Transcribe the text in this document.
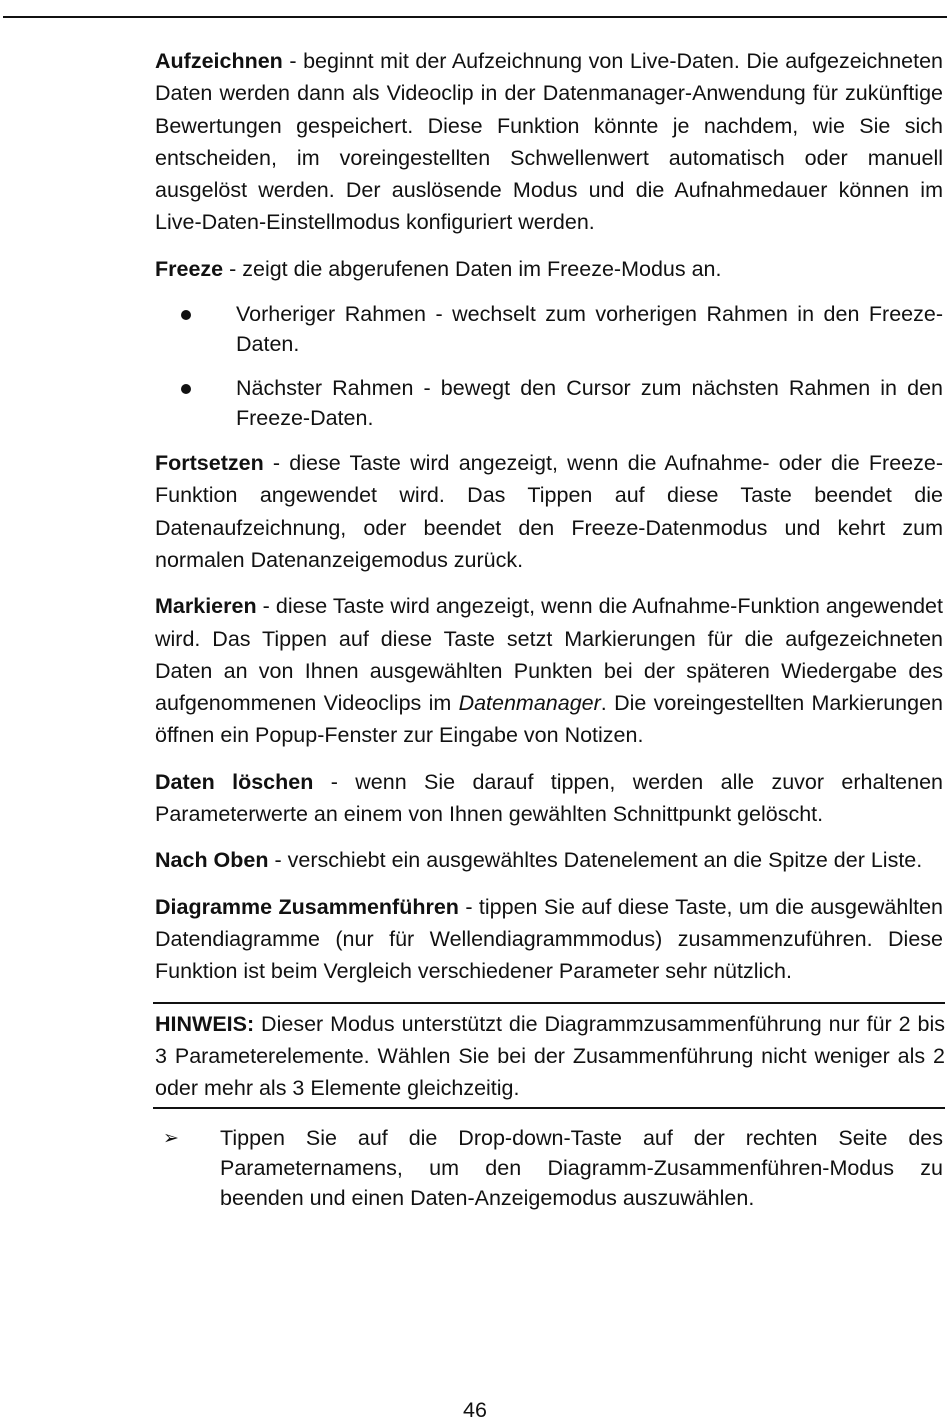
Aufzeichnen - beginnt mit der Aufzeichnung von Live-Daten. Die aufgezeichneten Daten werden dann als Videoclip in der Datenmanager-Anwendung für zukünftige Bewertungen gespeichert. Diese Funktion könnte je nachdem, wie Sie sich entscheiden, im voreingestellten Schwellenwert automatisch oder manuell ausgelöst werden. Der auslösende Modus und die Aufnahmedauer können im Live-Daten-Einstellmodus konfiguriert werden.

Freeze - zeigt die abgerufenen Daten im Freeze-Modus an.

Vorheriger Rahmen - wechselt zum vorherigen Rahmen in den Freeze-Daten.
Nächster Rahmen - bewegt den Cursor zum nächsten Rahmen in den Freeze-Daten.

Fortsetzen - diese Taste wird angezeigt, wenn die Aufnahme- oder die Freeze-Funktion angewendet wird. Das Tippen auf diese Taste beendet die Datenaufzeichnung, oder beendet den Freeze-Datenmodus und kehrt zum normalen Datenanzeigemodus zurück.

Markieren - diese Taste wird angezeigt, wenn die Aufnahme-Funktion angewendet wird. Das Tippen auf diese Taste setzt Markierungen für die aufgezeichneten Daten an von Ihnen ausgewählten Punkten bei der späteren Wiedergabe des aufgenommenen Videoclips im Datenmanager. Die voreingestellten Markierungen öffnen ein Popup-Fenster zur Eingabe von Notizen.

Daten löschen - wenn Sie darauf tippen, werden alle zuvor erhaltenen Parameterwerte an einem von Ihnen gewählten Schnittpunkt gelöscht.

Nach Oben - verschiebt ein ausgewähltes Datenelement an die Spitze der Liste.

Diagramme Zusammenführen - tippen Sie auf diese Taste, um die ausgewählten Datendiagramme (nur für Wellendiagrammmodus) zusammenzuführen. Diese Funktion ist beim Vergleich verschiedener Parameter sehr nützlich.

HINWEIS: Dieser Modus unterstützt die Diagrammzusammenführung nur für 2 bis 3 Parameterelemente. Wählen Sie bei der Zusammenführung nicht weniger als 2 oder mehr als 3 Elemente gleichzeitig.

➢ Tippen Sie auf die Drop-down-Taste auf der rechten Seite des Parameternamens, um den Diagramm-Zusammenführen-Modus zu beenden und einen Daten-Anzeigemodus auszuwählen.

46
